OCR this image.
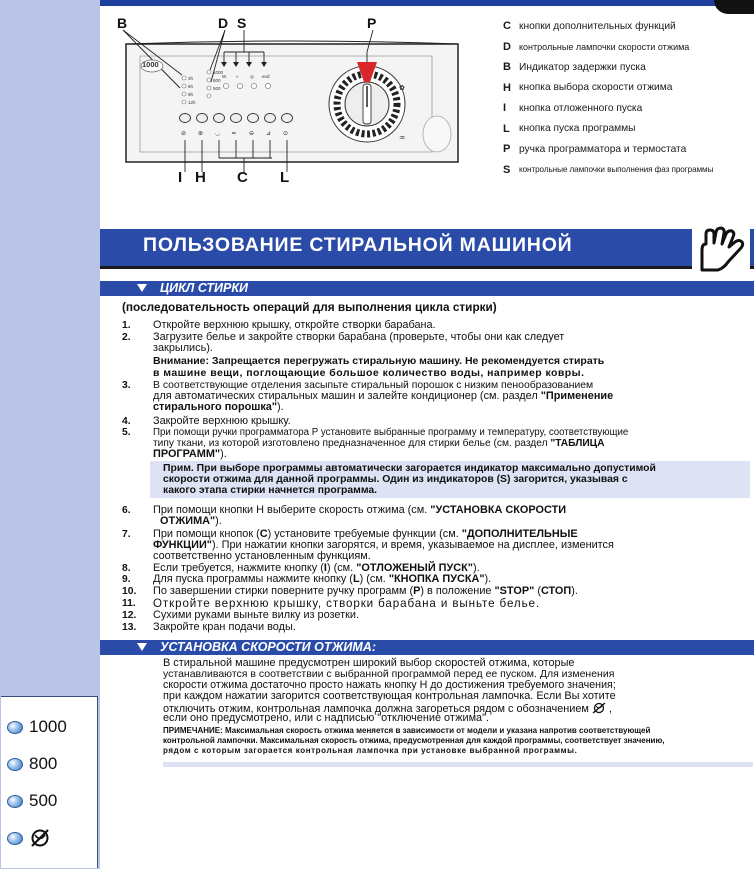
B	D S	P
3h
6h
9h
12h
1000
800
500
W ≈	◎ end
⊘ ⊛ ◡ ═ ⊖ ⊿ ⊙
✿
♒
1000
I H C L
C кнопки дополнительных функций
D контрольные лампочки скорости отжима
B Индикатор задержки пуска
H кнопка выбора скорости отжима
I	кнопка отложенного пуска
L кнопка пуска программы
P ручка программатора и термостата
S	контрольные лампочки выполнения фаз программы
ПОЛЬЗОВАНИЕ СТИРАЛЬНОЙ МАШИНОЙ
ЦИКЛ СТИРКИ
(последовательность операций для выполнения цикла стирки)
1. Откройте верхнюю крышку, откройте створки барабана.
2. Загрузите белье и закройте створки барабана (проверьте, чтобы они как следует
закрылись).
Внимание: Запрещается перегружать стиральную машину. Не рекомендуется стирать
в машине вещи, поглощающие большое количество воды, например ковры.
3. В соответствующие отделения засыпьте стиральный порошок с низким пенообразованием
для автоматических стиральных машин и залейте кондиционер (см. раздел "Применение
стирального порошка").
4. Закройте верхнюю крышку.
5. При помощи ручки программатора Р установите выбранные программу и температуру, соответствующие
типу ткани, из которой изготовлено предназначенное для стирки белье (см. раздел "ТАБЛИЦА
ПРОГРАММ").
Прим. При выборе программы автоматически загорается индикатор максимально допустимой
скорости отжима для данной программы. Один из индикаторов (S) загорится, указывая с
какого этапа стирки начнется программа.
6. При помощи кнопки Н выберите скорость отжима (см. "УСТАНОВКА СКОРОСТИ
ОТЖИМА").
7. При помощи кнопок (C) установите требуемые функции (см. "ДОПОЛНИТЕЛЬНЫЕ
ФУНКЦИИ"). При нажатии кнопки загорятся, и время, указываемое на дисплее, изменится
соответственно установленным функциям.
8. Если требуется, нажмите кнопку (I) (см. "ОТЛОЖЕНЫЙ ПУСК").
9. Для пуска программы нажмите кнопку (L) (см. "КНОПКА ПУСКА").
10. По завершении стирки поверните ручку программ (P) в положение "STOP" (СТОП).
11. Откройте верхнюю крышку, створки барабана и выньте белье.
12. Сухими руками выньте вилку из розетки.
13. Закройте кран подачи воды.
УСТАНОВКА СКОРОСТИ ОТЖИМА:
В стиральной машине предусмотрен широкий выбор скоростей отжима, которые
устанавливаются в соответствии с выбранной программой перед ее пуском. Для изменения
скорости отжима достаточно просто нажать кнопку Н до достижения требуемого значения;
при каждом нажатии загорится соответствующая контрольная лампочка. Если Вы хотите
отключить отжим, контрольная лампочка должна загореться рядом с обозначением ,
если оно предусмотрено, или с надписью "отключение отжима".
ПРИМЕЧАНИЕ: Максимальная скорость отжима меняется в зависимости от модели и указана напротив соответствующей
контрольной лампочки. Максимальная скорость отжима, предусмотренная для каждой программы, соответствует значению,
рядом с которым загорается контрольная лампочка при установке выбранной программы.
1000
800
500
